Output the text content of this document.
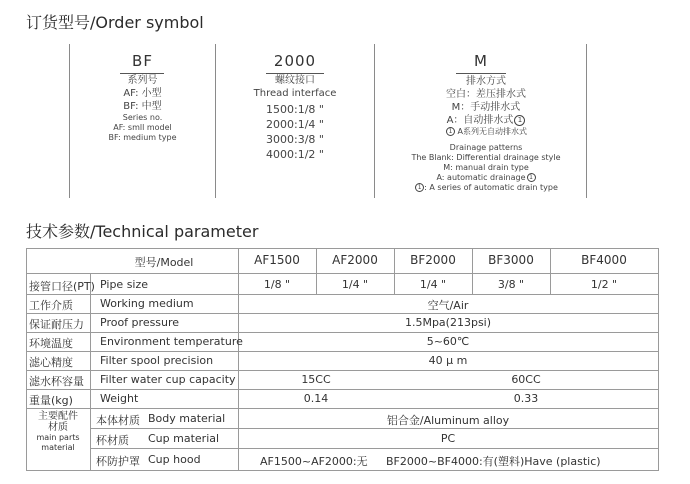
订货型号/Order symbol
BF
系列号
AF: 小型
BF: 中型
Series no.
AF: smll model
BF: medium type
2000
螺纹接口
Thread interface
1500:1/8 "
2000:1/4 "
3000:3/8 "
4000:1/2 "
M
排水方式
空白：差压排水式
M：手动排水式
A：自动排水式 1
1 A系列无自动排水式
Drainage patterns
The Blank: Differential drainage style
M: manual drain type
A: automatic drainage 1
1 : A series of automatic drain type
技术参数/Technical parameter
型号/Model	AF1500	AF2000	BF2000	BF3000	BF4000
接管口径(PT) Pipe size	1/8 "	1/4 "	1/4 "	3/8 "	1/2 "
工作介质 Working medium	空气/Air
保证耐压力 Proof pressure	1.5Mpa(213psi)
环境温度 Environment temperature	5~60℃
滤心精度 Filter spool precision	40 μ m
滤水杯容量 Filter water cup capacity	15CC	60CC
重量(kg) Weight	0.14	0.33
主要配件
材质
main parts
material
本体材质 Body material	铝合金/Aluminum alloy
杯材质 Cup material	PC
杯防护罩 Cup hood	AF1500~AF2000:无 BF2000~BF4000:有(塑料)Have (plastic)
